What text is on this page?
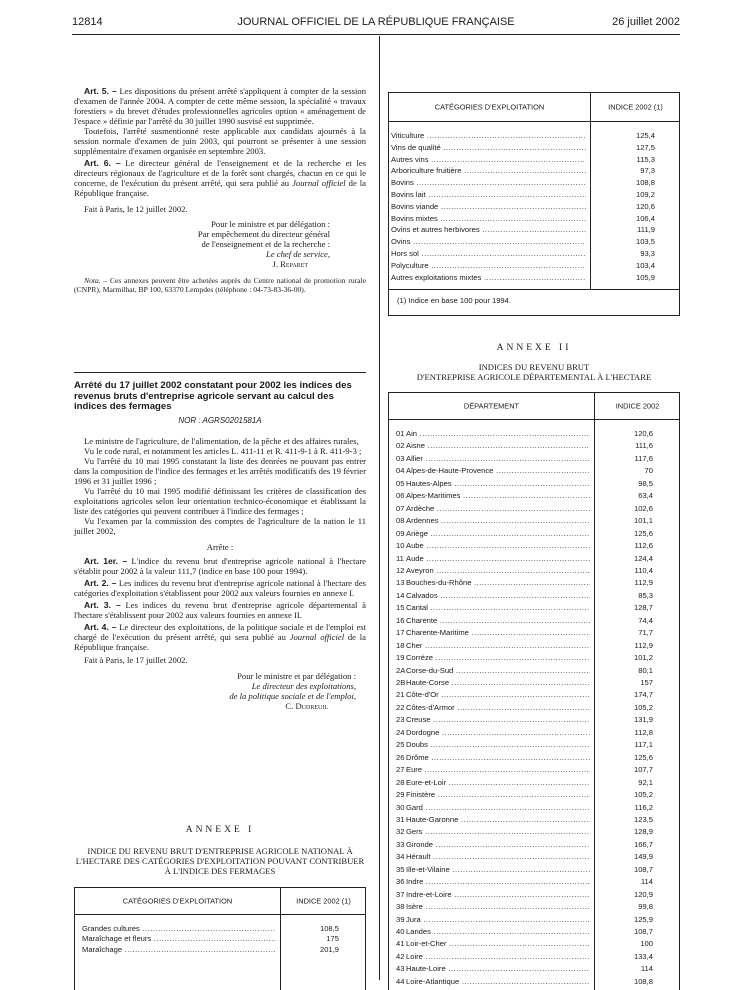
12814	JOURNAL OFFICIEL DE LA RÉPUBLIQUE FRANÇAISE	26 juillet 2002

Art. 5. – Les dispositions du présent arrêté s'appliquent à compter de la session d'examen de l'année 2004. A compter de cette même session, la spécialité « travaux forestiers » du brevet d'études professionnelles agricoles option « aménagement de l'espace » définie par l'arrêté du 30 juillet 1990 susvisé est supprimée.

Toutefois, l'arrêté susmentionné reste applicable aux candidats ajournés à la session normale d'examen de juin 2003, qui pourront se présenter à une session supplémentaire d'examen organisée en septembre 2003.

Art. 6. – Le directeur général de l'enseignement et de la recherche et les directeurs régionaux de l'agriculture et de la forêt sont chargés, chacun en ce qui le concerne, de l'exécution du présent arrêté, qui sera publié au Journal officiel de la République française.

Fait à Paris, le 12 juillet 2002.

Pour le ministre et par délégation :
Par empêchement du directeur général
de l'enseignement et de la recherche :
Le chef de service,
J. Reparet

Nota. – Ces annexes peuvent être achetées auprès du Centre national de promotion rurale (CNPR), Marmilhat, BP 100, 63370 Lempdes (téléphone : 04-73-83-36-00).

Arrêté du 17 juillet 2002 constatant pour 2002 les indices des revenus bruts d'entreprise agricole servant au calcul des indices des fermages
NOR : AGRS0201581A

Le ministre de l'agriculture, de l'alimentation, de la pêche et des affaires rurales,

Vu le code rural, et notamment les articles L. 411-11 et R. 411-9-1 à R. 411-9-3 ;

Vu l'arrêté du 10 mai 1995 constatant la liste des denrées ne pouvant pas entrer dans la composition de l'indice des fermages et les arrêtés modificatifs des 19 février 1996 et 31 juillet 1996 ;

Vu l'arrêté du 10 mai 1995 modifié définissant les critères de classification des exploitations agricoles selon leur orientation technico-économique et établissant la liste des catégories qui peuvent contribuer à l'indice des fermages ;

Vu l'examen par la commission des comptes de l'agriculture de la nation le 11 juillet 2002,

Arrête :

Art. 1er. – L'indice du revenu brut d'entreprise agricole national à l'hectare s'établit pour 2002 à la valeur 111,7 (indice en base 100 pour 1994).

Art. 2. – Les indices du revenu brut d'entreprise agricole national à l'hectare des catégories d'exploitation s'établissent pour 2002 aux valeurs fournies en annexe I.

Art. 3. – Les indices du revenu brut d'entreprise agricole départemental à l'hectare s'établissent pour 2002 aux valeurs fournies en annexe II.

Art. 4. – Le directeur des exploitations, de la politique sociale et de l'emploi est chargé de l'exécution du présent arrêté, qui sera publié au Journal officiel de la République française.

Fait à Paris, le 17 juillet 2002.

Pour le ministre et par délégation :
Le directeur des exploitations,
de la politique sociale et de l'emploi,
C. Dudreuil
ANNEXE I
INDICE DU REVENU BRUT D'ENTREPRISE AGRICOLE NATIONAL À L'HECTARE DES CATÉGORIES D'EXPLOITATION POUVANT CONTRIBUER À L'INDICE DES FERMAGES
CATÉGORIES D'EXPLOITATION	INDICE 2002 (1)
Grandes cultures .....	108,5
Maraîchage et fleurs .....	175
Maraîchage .....	201,9
CATÉGORIES D'EXPLOITATION	INDICE 2002 (1)
Viticulture .....	125,4
Vins de qualité .....	127,5
Autres vins .....	115,3
Arboriculture fruitière .....	97,3
Bovins .....	108,8
Bovins lait .....	109,2
Bovins viande .....	120,6
Bovins mixtes .....	106,4
Ovins et autres herbivores .....	111,9
Ovins .....	103,5
Hors sol .....	93,3
Polyculture .....	103,4
Autres exploitations mixtes .....	105,9
(1) Indice en base 100 pour 1994.
ANNEXE II
INDICES DU REVENU BRUT
D'ENTREPRISE AGRICOLE DÉPARTEMENTAL À L'HECTARE
DÉPARTEMENT	INDICE 2002
01 Ain .....	120,6
02 Aisne .....	111,6
03 Allier .....	117,6
04 Alpes-de-Haute-Provence .....	70
05 Hautes-Alpes .....	98,5
06 Alpes-Maritimes .....	63,4
07 Ardèche .....	102,6
08 Ardennes .....	101,1
09 Ariège .....	125,6
10 Aube .....	112,6
11 Aude .....	124,4
12 Aveyron .....	110,4
13 Bouches-du-Rhône .....	112,9
14 Calvados .....	85,3
15 Cantal .....	128,7
16 Charente .....	74,4
17 Charente-Maritime .....	71,7
18 Cher .....	112,9
19 Corrèze .....	101,2
2A Corse-du-Sud .....	80,1
2B Haute-Corse .....	157
21 Côte-d'Or .....	174,7
22 Côtes-d'Armor .....	105,2
23 Creuse .....	131,9
24 Dordogne .....	112,8
25 Doubs .....	117,1
26 Drôme .....	125,6
27 Eure .....	107,7
28 Eure-et-Loir .....	92,1
29 Finistère .....	105,2
30 Gard .....	116,2
31 Haute-Garonne .....	123,5
32 Gers .....	128,9
33 Gironde .....	166,7
34 Hérault .....	149,9
35 Ille-et-Vilaine .....	108,7
36 Indre .....	114
37 Indre-et-Loire .....	120,9
38 Isère .....	99,8
39 Jura .....	125,9
40 Landes .....	108,7
41 Loir-et-Cher .....	100
42 Loire .....	133,4
43 Haute-Loire .....	114
44 Loire-Atlantique .....	108,8
